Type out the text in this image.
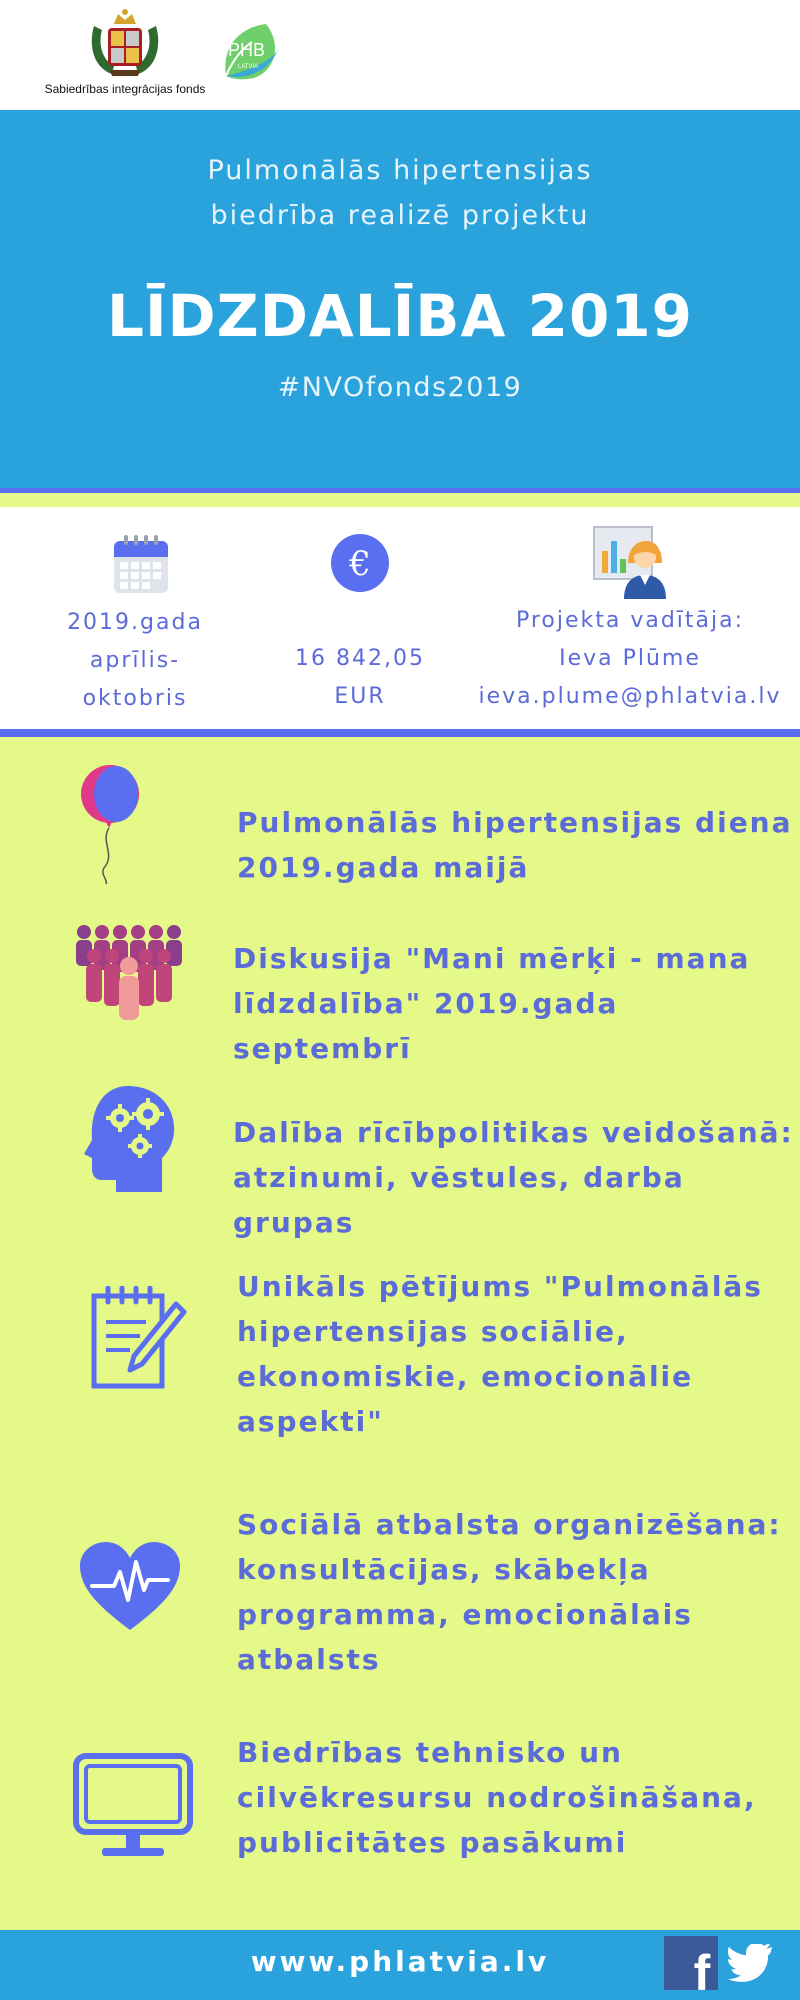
Sabiedrības integrācijas fonds
PHB
LATVIA
Pulmonālās hipertensijas
biedrība realizē projektu
LĪDZDALĪBA 2019
#NVOfonds2019
2019.gada
aprīlis-
oktobris
€
16 842,05
EUR
Projekta vadītāja:
Ieva Plūme
ieva.plume@phlatvia.lv
Pulmonālās hipertensijas diena
2019.gada maijā
Diskusija "Mani mērķi - mana
līdzdalība" 2019.gada septembrī
Dalība rīcībpolitikas veidošanā:
atzinumi, vēstules, darba grupas
Unikāls pētījums "Pulmonālās
hipertensijas sociālie,
ekonomiskie, emocionālie
aspekti"
Sociālā atbalsta organizēšana:
konsultācijas, skābekļa
programma, emocionālais
atbalsts
Biedrības tehnisko un
cilvēkresursu nodrošināšana,
publicitātes pasākumi
www.phlatvia.lv	f
